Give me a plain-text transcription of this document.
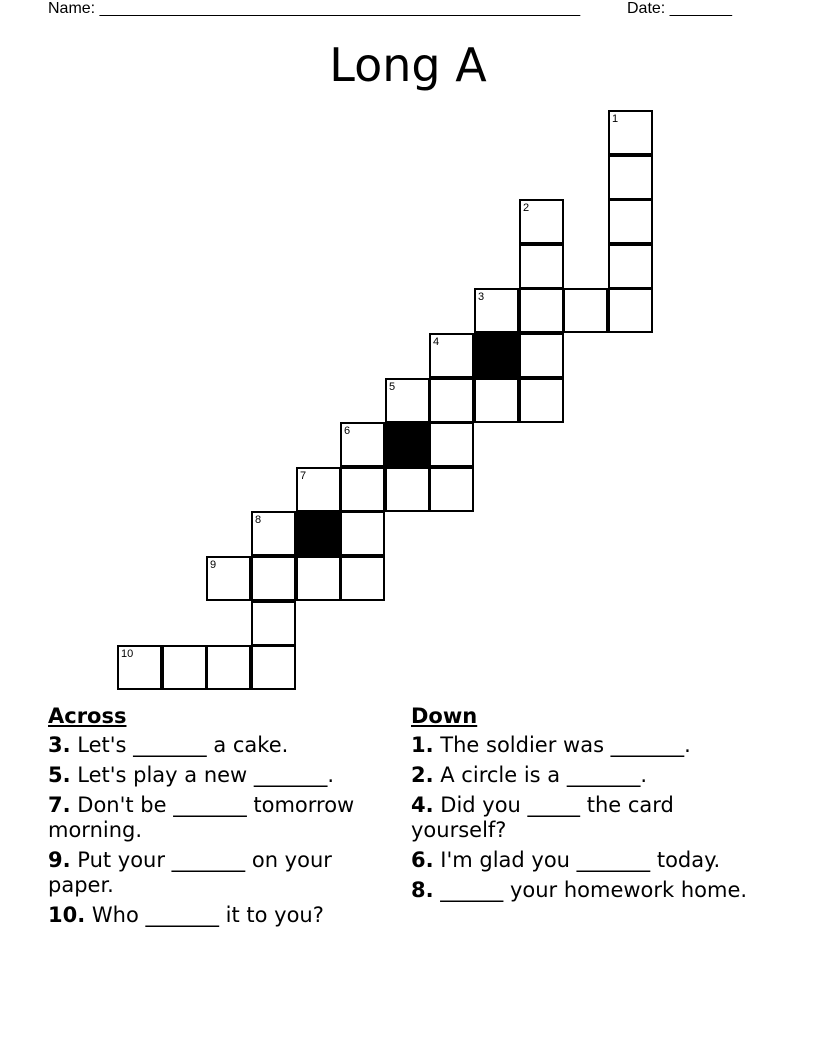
Name: ______________________________________________________	Date: _______
Long A
1
2
3
4
5
6
7
8
9
10
Across
3. Let's _______ a cake.
5. Let's play a new _______.
7. Don't be _______ tomorrow morning.
9. Put your _______ on your paper.
10. Who _______ it to you?
Down
1. The soldier was _______.
2. A circle is a _______.
4. Did you _____ the card yourself?
6. I'm glad you _______ today.
8. ______ your homework home.
